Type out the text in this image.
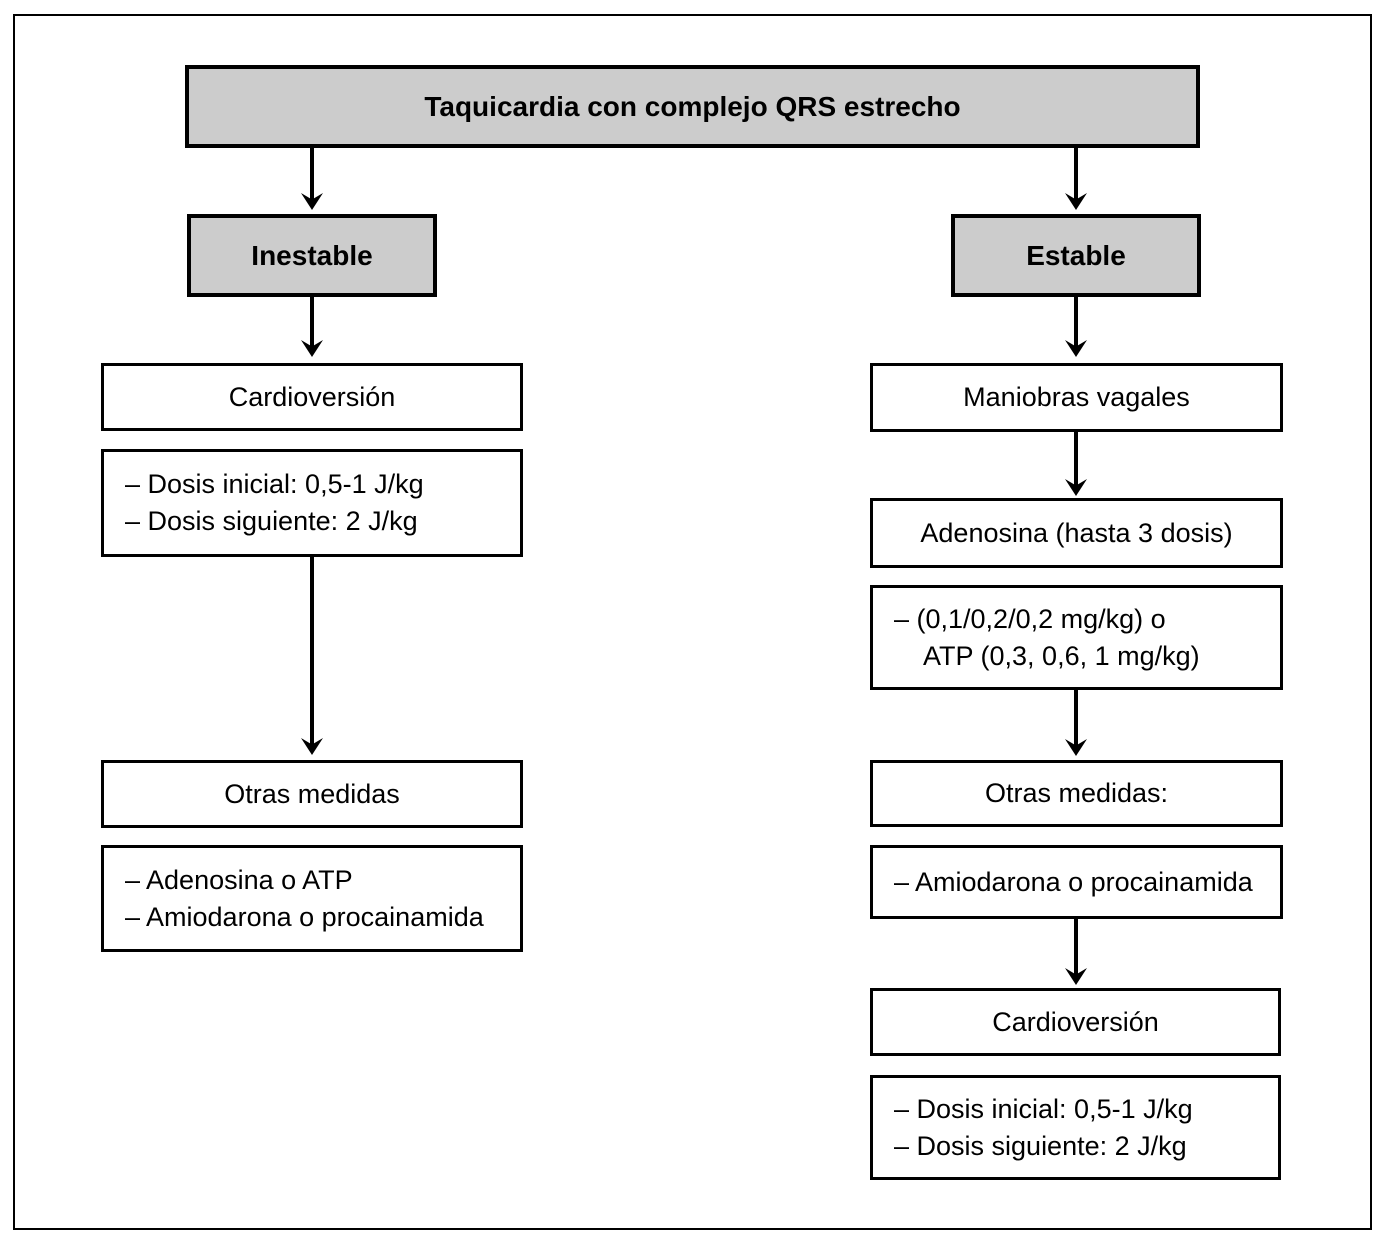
Taquicardia con complejo QRS estrecho
Inestable	Estable
Cardioversión
– Dosis inicial: 0,5-1 J/kg
– Dosis siguiente: 2 J/kg
Otras medidas
– Adenosina o ATP
– Amiodarona o procainamida
Maniobras vagales
Adenosina (hasta 3 dosis)
– (0,1/0,2/0,2 mg/kg) o
ATP (0,3, 0,6, 1 mg/kg)
Otras medidas:
– Amiodarona o procainamida
Cardioversión
– Dosis inicial: 0,5-1 J/kg
– Dosis siguiente: 2 J/kg
